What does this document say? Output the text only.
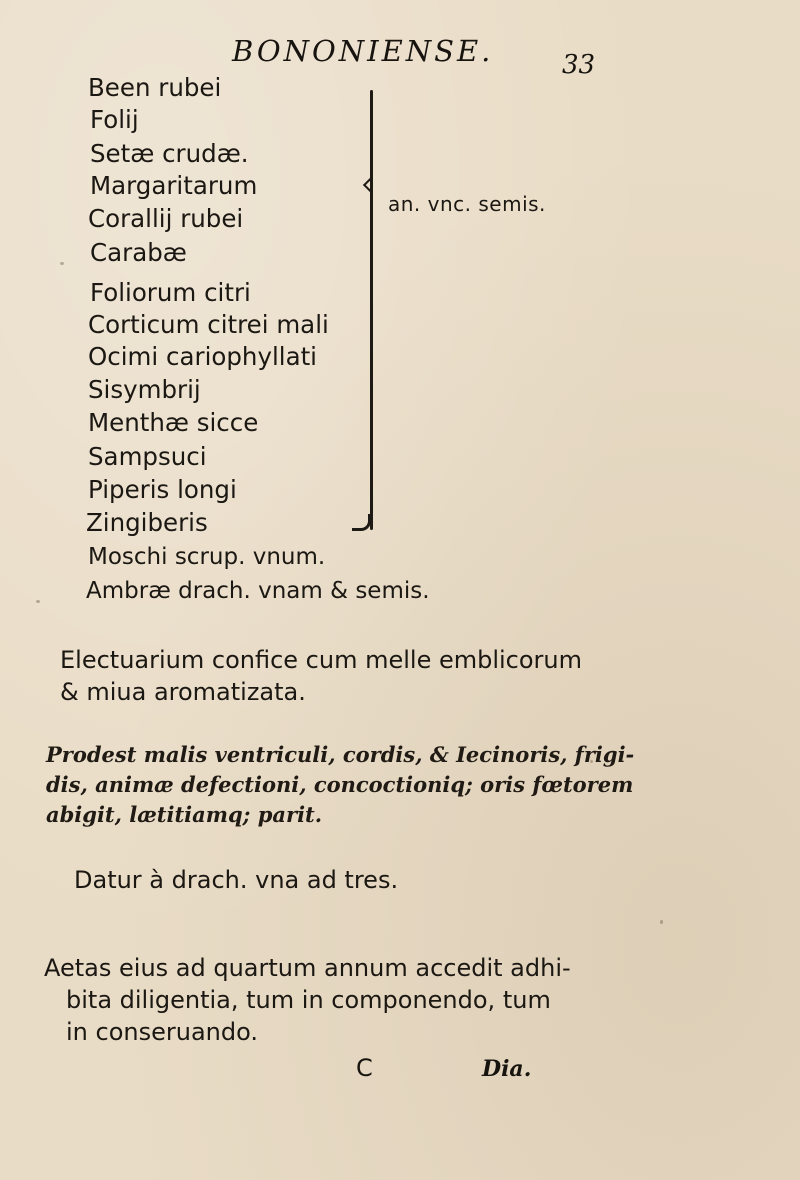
BONONIENSE.	33
Been rubei
Folij
Setæ crudæ.
Margaritarum
Corallij rubei
Carabæ
Foliorum citri
Corticum citrei mali
Ocimi cariophyllati
Sisymbrij
Menthæ sicce
Sampsuci
Piperis longi
Zingiberis
an. vnc. semis.
Moschi scrup. vnum.
Ambræ drach. vnam & semis.
Electuarium confice cum melle emblicorum
& miua aromatizata.
Prodest malis ventriculi, cordis, & Iecinoris, frigi-
dis, animæ defectioni, concoctioniq; oris fœtorem
abigit, lætitiamq; parit.
Datur à drach. vna ad tres.
Aetas eius ad quartum annum accedit adhi-
bita diligentia, tum in componendo, tum
in conseruando.
C	Dia.
